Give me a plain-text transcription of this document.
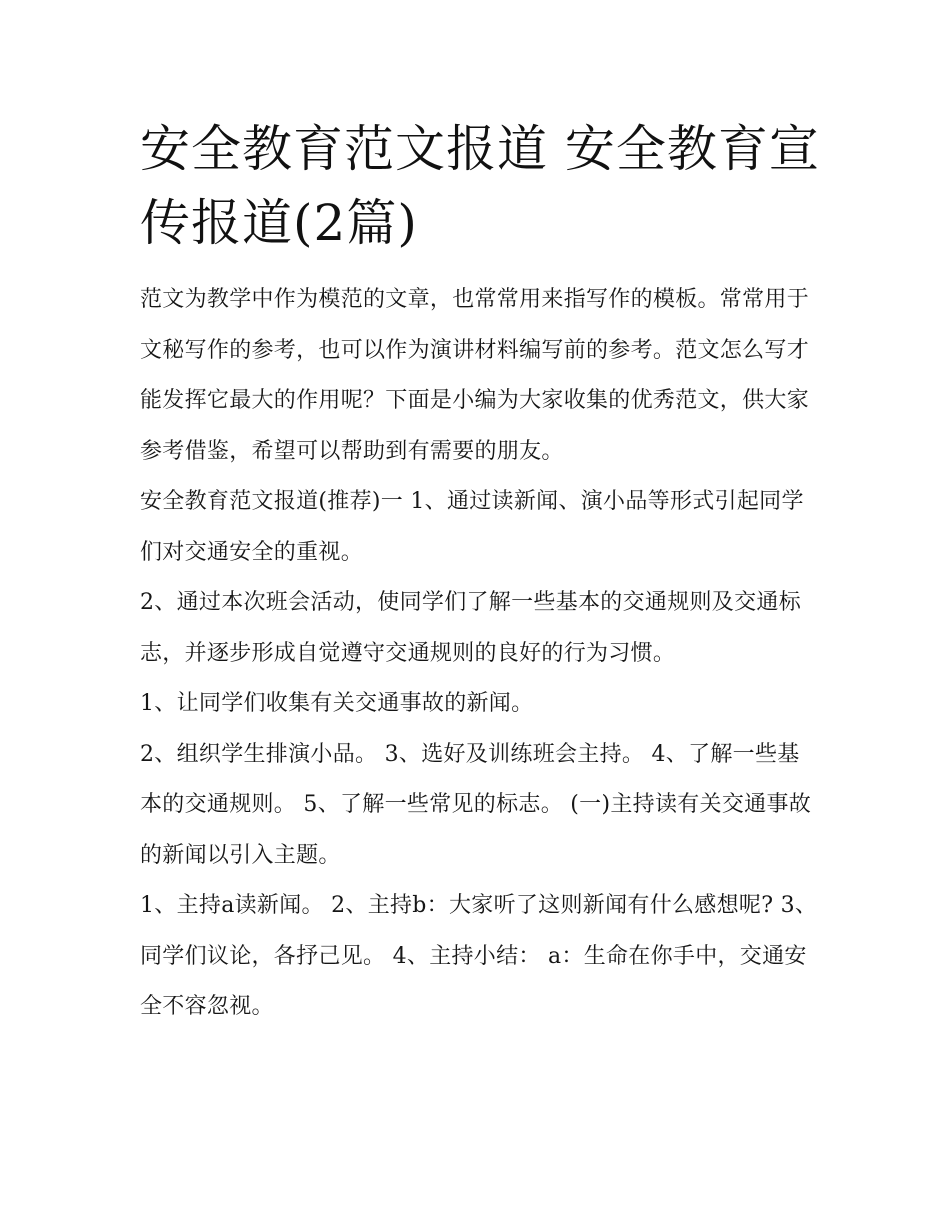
安全教育范文报道 安全教育宣传报道(2篇)

范文为教学中作为模范的文章，也常常用来指写作的模板。常常用于文秘写作的参考，也可以作为演讲材料编写前的参考。范文怎么写才能发挥它最大的作用呢？下面是小编为大家收集的优秀范文，供大家参考借鉴，希望可以帮助到有需要的朋友。

安全教育范文报道(推荐)一 1、通过读新闻、演小品等形式引起同学们对交通安全的重视。

2、通过本次班会活动，使同学们了解一些基本的交通规则及交通标志，并逐步形成自觉遵守交通规则的良好的行为习惯。

1、让同学们收集有关交通事故的新闻。

2、组织学生排演小品。 3、选好及训练班会主持。 4、了解一些基本的交通规则。 5、了解一些常见的标志。 (一)主持读有关交通事故的新闻以引入主题。

1、主持a读新闻。 2、主持b：大家听了这则新闻有什么感想呢? 3、同学们议论，各抒己见。 4、主持小结： a：生命在你手中，交通安全不容忽视。
